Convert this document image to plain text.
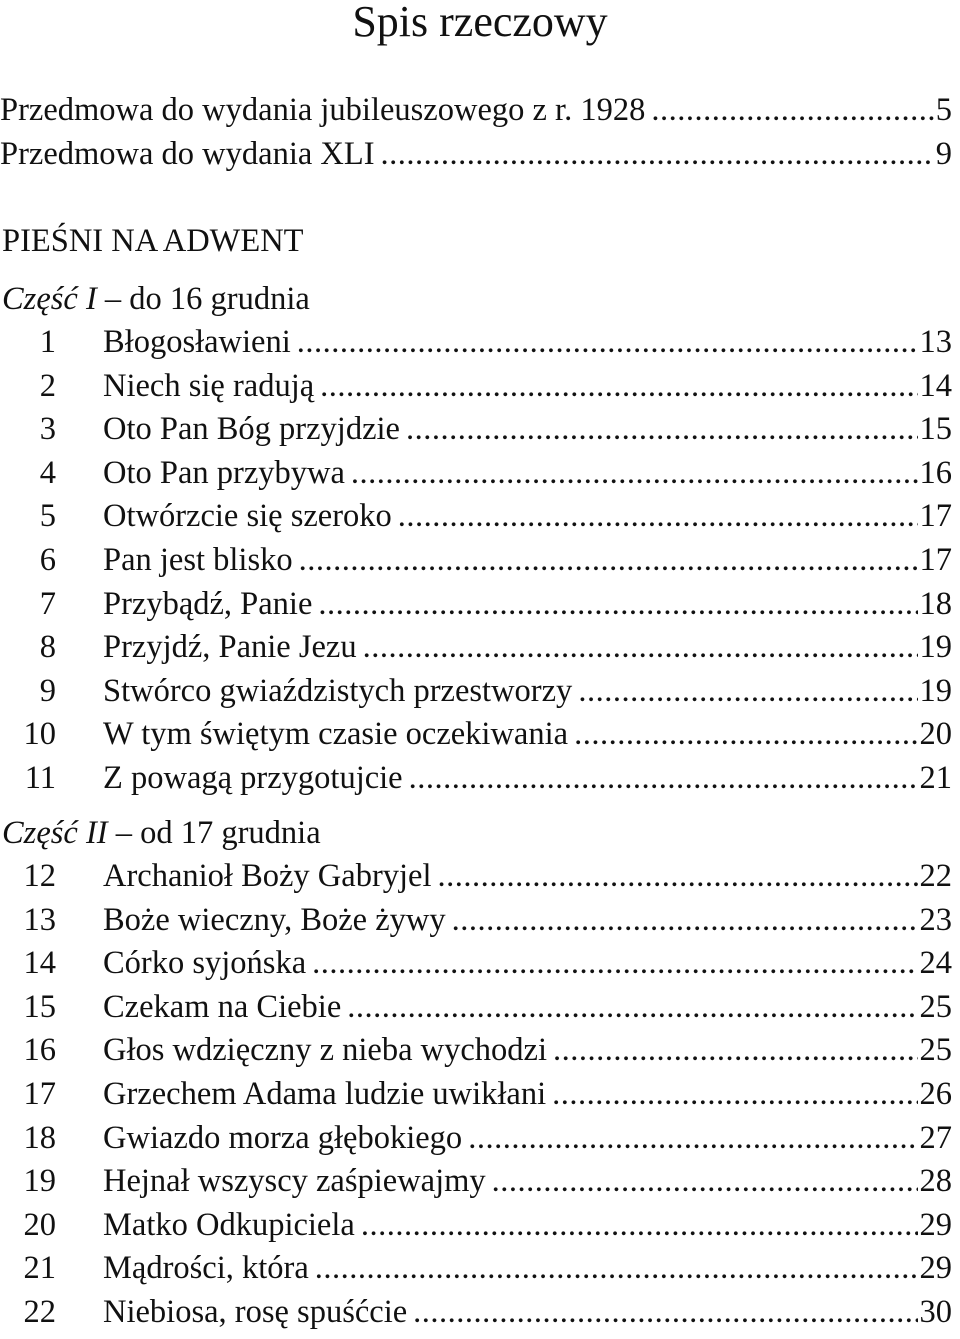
Spis rzeczowy
Przedmowa do wydania jubileuszowego z r. 1928 .....	5
Przedmowa do wydania XLI .....	9
PIEŚNI NA ADWENT
Część I – do 16 grudnia
1 Błogosławieni .....	13
2 Niech się radują .....	14
3 Oto Pan Bóg przyjdzie .....	15
4 Oto Pan przybywa .....	16
5 Otwórzcie się szeroko .....	17
6 Pan jest blisko .....	17
7 Przybądź, Panie .....	18
8 Przyjdź, Panie Jezu .....	19
9 Stwórco gwiaździstych przestworzy .....	19
10 W tym świętym czasie oczekiwania .....	20
11 Z powagą przygotujcie .....	21
Część II – od 17 grudnia
12 Archanioł Boży Gabryjel .....	22
13 Boże wieczny, Boże żywy .....	23
14 Córko syjońska .....	24
15 Czekam na Ciebie .....	25
16 Głos wdzięczny z nieba wychodzi .....	25
17 Grzechem Adama ludzie uwikłani .....	26
18 Gwiazdo morza głębokiego .....	27
19 Hejnał wszyscy zaśpiewajmy .....	28
20 Matko Odkupiciela .....	29
21 Mądrości, która .....	29
22 Niebiosa, rosę spuśćcie .....	30
